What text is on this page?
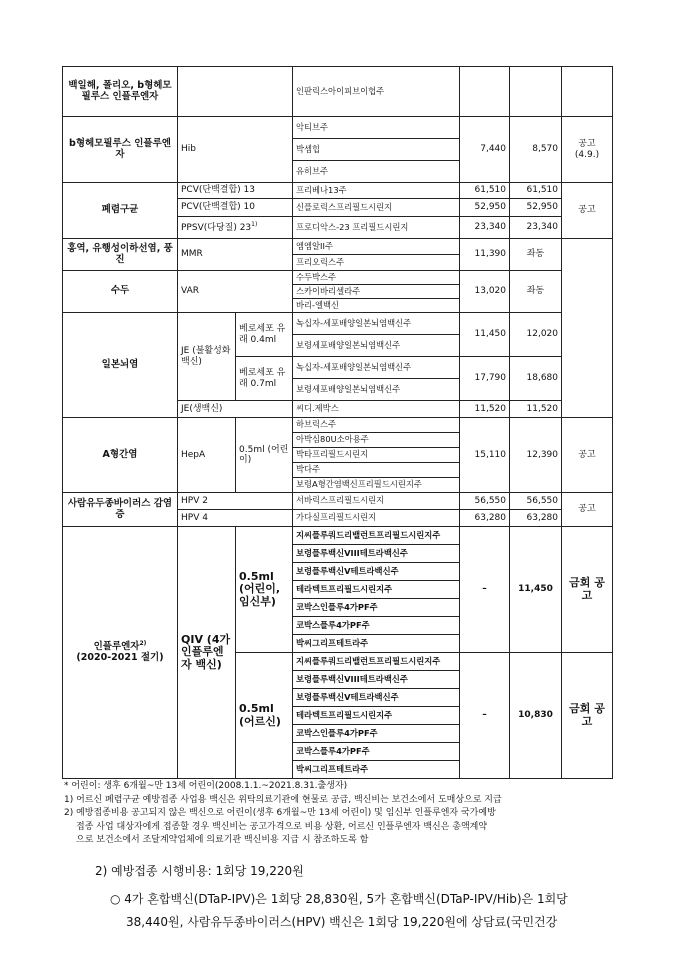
백일해, 폴리오, b형헤모필루스 인플루엔자			인판릭스아이피브이헙주			
b형헤모필루스 인플루엔자	Hib		악티브주	7,440	8,570	공고 (4.9.)
			박셈힙			
			유히브주			
폐렴구균	PCV(단백결합) 13		프리베나13주	61,510	61,510	공고
	PCV(단백결합) 10		신플로릭스프리필드시린지	52,950	52,950	
	PPSV(다당질) 23$^{1)}$		프로디악스-23 프리필드시린지	23,340	23,340	
홍역, 유행성이하선염, 풍진	MMR		엠엠알II주	11,390	좌동	
			프리오릭스주			
수두	VAR		수두박스주	13,020	좌동	
			스카이바리셀라주			
			바리-엘백신			
일본뇌염	JE (불활성화 백신)	베로세포 유래 0.4ml	녹십자-세포배양일본뇌염백신주	11,450	12,020	
			보령세포배양일본뇌염백신주			
		베로세포 유래 0.7ml	녹십자-세포배양일본뇌염백신주	17,790	18,680	
			보령세포배양일본뇌염백신주			
	JE(생백신)		씨디.제박스	11,520	11,520	
A형간염	HepA	0.5ml (어린이)	하브릭스주	15,110	12,390	공고
			아박심80U소아용주			
			박타프리필드시린지			
			박다주			
			보령A형간염백신프리필드시린지주			
사람유두종바이러스 감염증	HPV 2		서바릭스프리필드시린지	56,550	56,550	공고
	HPV 4		가다실프리필드시린지	63,280	63,280	
인플루엔자$^{2)}$
(2020-2021 절기)	QIV (4가 인플루엔자 백신)	0.5ml (어린이, 임신부)	지씨플루쿼드리밸런트프리필드시린지주	–	11,450	금회 공고
			보령플루백신VIII테트라백신주			
			보령플루백신V테트라백신주			
			테라텍트프리필드시린지주			
			코박스인플루4가PF주			
			코박스플루4가PF주			
			박씨그리프테트라주			
		0.5ml (어르신)	지씨플루쿼드리밸런트프리필드시린지주	–	10,830	금회 공고
			보령플루백신VIII테트라백신주			
			보령플루백신V테트라백신주			
			테라텍트프리필드시린지주			
			코박스인플루4가PF주			
			코박스플루4가PF주			
			박씨그리프테트라주			
* 어린이: 생후 6개월~만 13세 어린이(2008.1.1.~2021.8.31.출생자)
1) 어르신 폐렴구균 예방접종 사업용 백신은 위탁의료기관에 현물로 공급, 백신비는 보건소에서 도매상으로 지급
2) 예방접종비용 공고되지 않은 백신으로 어린이(생후 6개월~만 13세 어린이) 및 임신부 인플루엔자 국가예방
접종 사업 대상자에게 접종할 경우 백신비는 공고가격으로 비용 상환, 어르신 인플루엔자 백신은 총액계약
으로 보건소에서 조달계약업체에 의료기관 백신비용 지급 시 참조하도록 함
2) 예방접종 시행비용: 1회당 19,220원
○ 4가 혼합백신(DTaP-IPV)은 1회당 28,830원, 5가 혼합백신(DTaP-IPV/Hib)은 1회당
38,440원, 사람유두종바이러스(HPV) 백신은 1회당 19,220원에 상담료(국민건강
